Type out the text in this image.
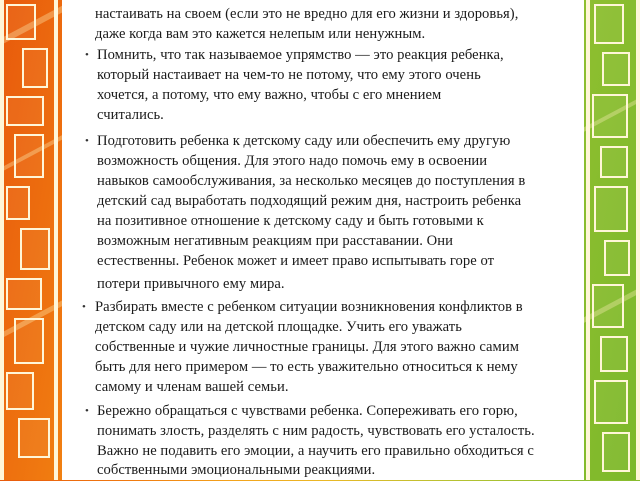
настаивать на своем (если это не вредно для его жизни и здоровья),
даже когда вам это кажется нелепым или ненужным.
• Помнить, что так называемое упрямство — это реакция ребенка,
который настаивает на чем-то не потому, что ему этого очень
хочется, а потому, что ему важно, чтобы с его мнением
считались.
• Подготовить ребенка к детскому саду или обеспечить ему другую
возможность общения. Для этого надо помочь ему в освоении
навыков самообслуживания, за несколько месяцев до поступления в
детский сад выработать подходящий режим дня, настроить ребенка
на позитивное отношение к детскому саду и быть готовыми к
возможным негативным реакциям при расставании. Они
естественны. Ребенок может и имеет право испытывать горе от
потери привычного ему мира.
• Разбирать вместе с ребенком ситуации возникновения конфликтов в
детском саду или на детской площадке. Учить его уважать
собственные и чужие личностные границы. Для этого важно самим
быть для него примером — то есть уважительно относиться к нему
самому и членам вашей семьи.
• Бережно обращаться с чувствами ребенка. Сопереживать его горю,
понимать злость, разделять с ним радость, чувствовать его усталость.
Важно не подавить его эмоции, а научить его правильно обходиться с
собственными эмоциональными реакциями.
